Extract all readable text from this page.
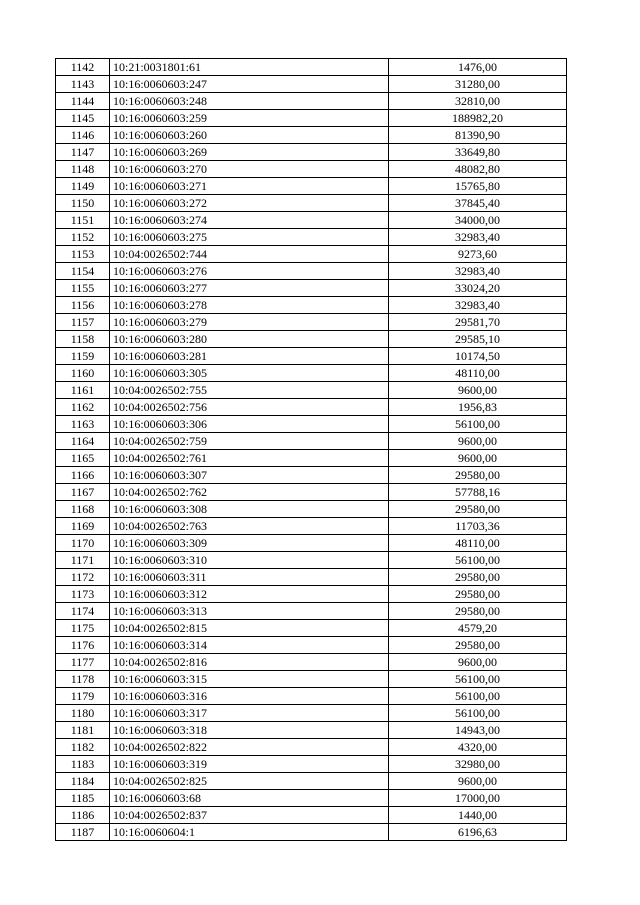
1142	10:21:0031801:61	1476,00
1143	10:16:0060603:247	31280,00
1144	10:16:0060603:248	32810,00
1145	10:16:0060603:259	188982,20
1146	10:16:0060603:260	81390,90
1147	10:16:0060603:269	33649,80
1148	10:16:0060603:270	48082,80
1149	10:16:0060603:271	15765,80
1150	10:16:0060603:272	37845,40
1151	10:16:0060603:274	34000,00
1152	10:16:0060603:275	32983,40
1153	10:04:0026502:744	9273,60
1154	10:16:0060603:276	32983,40
1155	10:16:0060603:277	33024,20
1156	10:16:0060603:278	32983,40
1157	10:16:0060603:279	29581,70
1158	10:16:0060603:280	29585,10
1159	10:16:0060603:281	10174,50
1160	10:16:0060603:305	48110,00
1161	10:04:0026502:755	9600,00
1162	10:04:0026502:756	1956,83
1163	10:16:0060603:306	56100,00
1164	10:04:0026502:759	9600,00
1165	10:04:0026502:761	9600,00
1166	10:16:0060603:307	29580,00
1167	10:04:0026502:762	57788,16
1168	10:16:0060603:308	29580,00
1169	10:04:0026502:763	11703,36
1170	10:16:0060603:309	48110,00
1171	10:16:0060603:310	56100,00
1172	10:16:0060603:311	29580,00
1173	10:16:0060603:312	29580,00
1174	10:16:0060603:313	29580,00
1175	10:04:0026502:815	4579,20
1176	10:16:0060603:314	29580,00
1177	10:04:0026502:816	9600,00
1178	10:16:0060603:315	56100,00
1179	10:16:0060603:316	56100,00
1180	10:16:0060603:317	56100,00
1181	10:16:0060603:318	14943,00
1182	10:04:0026502:822	4320,00
1183	10:16:0060603:319	32980,00
1184	10:04:0026502:825	9600,00
1185	10:16:0060603:68	17000,00
1186	10:04:0026502:837	1440,00
1187	10:16:0060604:1	6196,63
